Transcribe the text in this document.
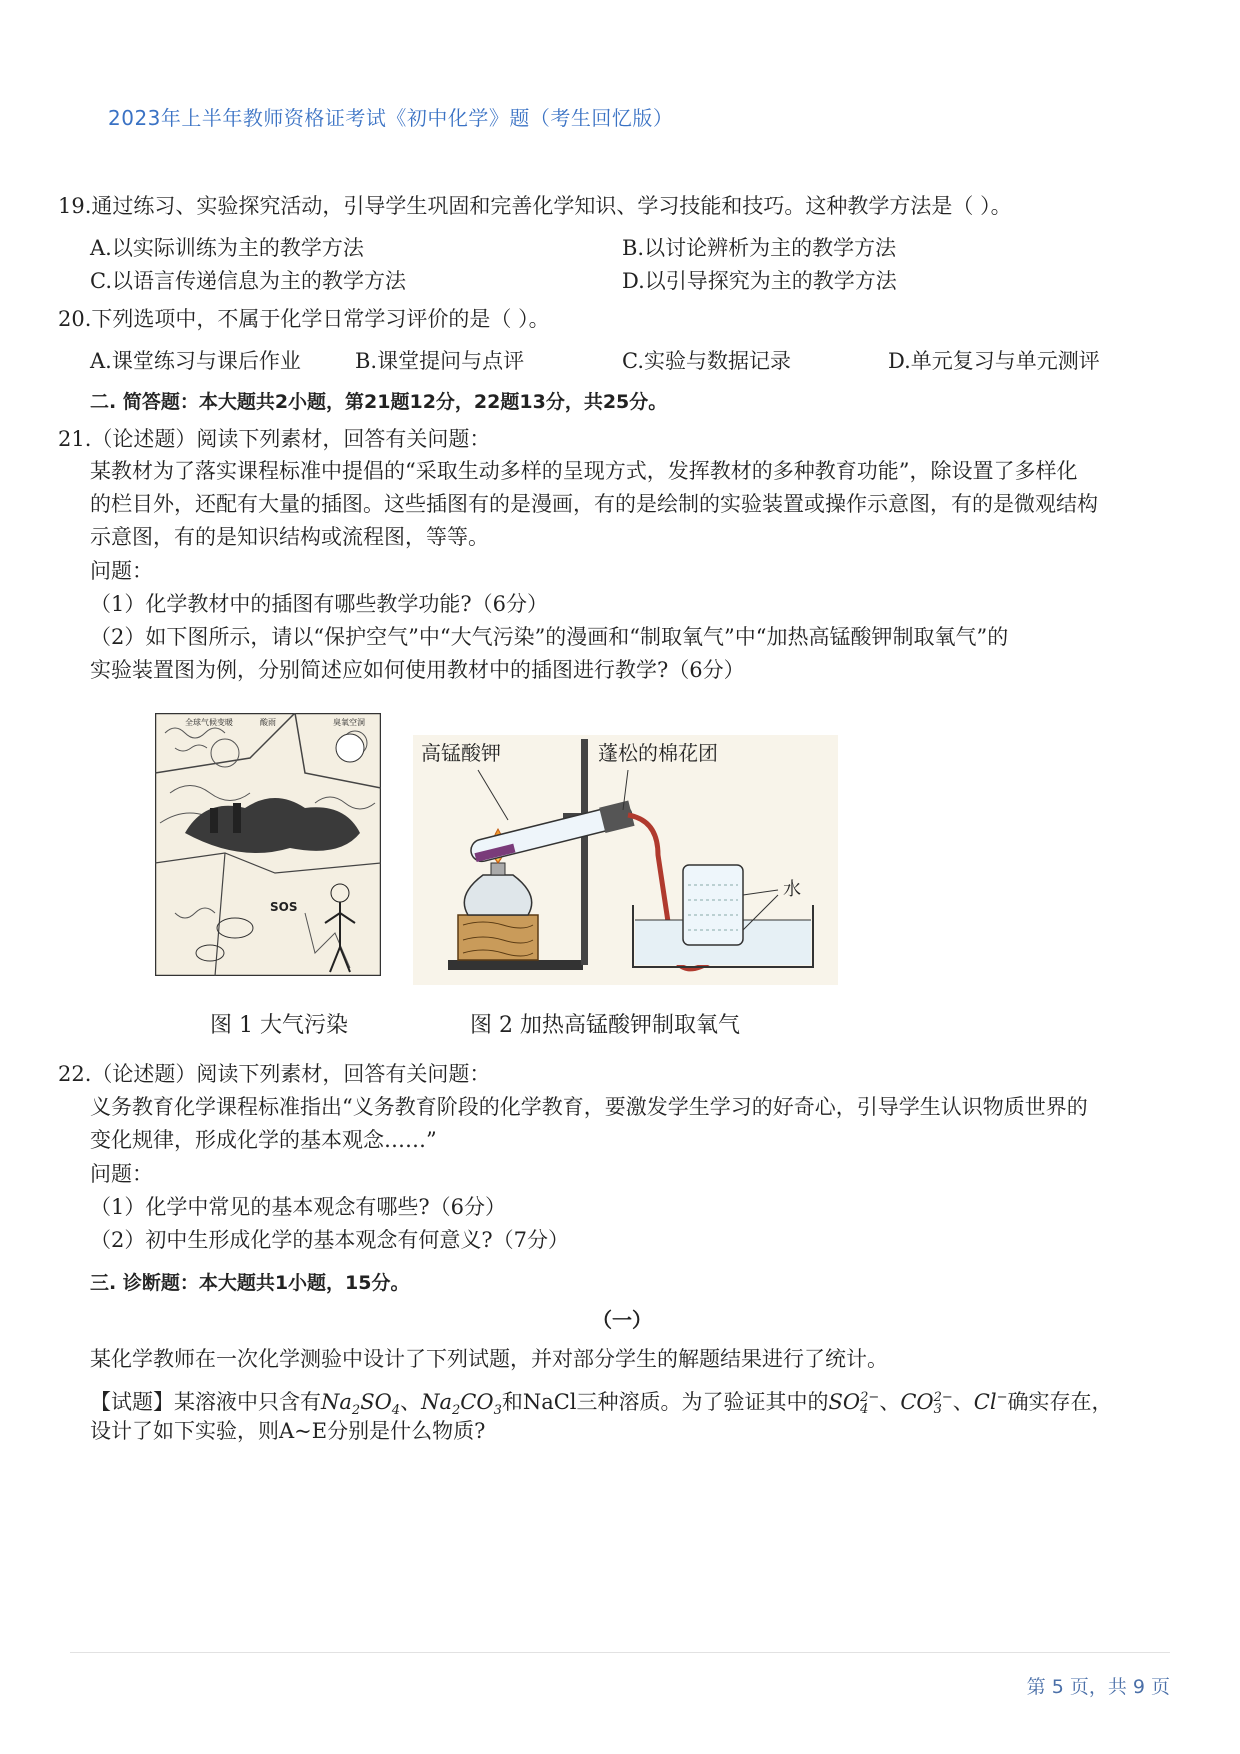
2023年上半年教师资格证考试《初中化学》题（考生回忆版）
19.通过练习、实验探究活动，引导学生巩固和完善化学知识、学习技能和技巧。这种教学方法是（ ）。
A.以实际训练为主的教学方法	B.以讨论辨析为主的教学方法
C.以语言传递信息为主的教学方法	D.以引导探究为主的教学方法
20.下列选项中，不属于化学日常学习评价的是（ ）。
A.课堂练习与课后作业	B.课堂提问与点评	C.实验与数据记录	D.单元复习与单元测评
二. 简答题：本大题共2小题，第21题12分，22题13分，共25分。
21.（论述题）阅读下列素材，回答有关问题：
某教材为了落实课程标准中提倡的“采取生动多样的呈现方式，发挥教材的多种教育功能”，除设置了多样化
的栏目外，还配有大量的插图。这些插图有的是漫画，有的是绘制的实验装置或操作示意图，有的是微观结构
示意图，有的是知识结构或流程图，等等。
问题：
（1）化学教材中的插图有哪些教学功能?（6分）
（2）如下图所示，请以“保护空气”中“大气污染”的漫画和“制取氧气”中“加热高锰酸钾制取氧气”的
实验装置图为例，分别简述应如何使用教材中的插图进行教学?（6分）
全球气候变暖	酸雨	臭氧空洞
SOS
高锰酸钾	蓬松的棉花团
水
图 1 大气污染	图 2 加热高锰酸钾制取氧气
22.（论述题）阅读下列素材，回答有关问题：
义务教育化学课程标准指出“义务教育阶段的化学教育，要激发学生学习的好奇心，引导学生认识物质世界的
变化规律，形成化学的基本观念……”
问题：
（1）化学中常见的基本观念有哪些?（6分）
（2）初中生形成化学的基本观念有何意义?（7分）
三. 诊断题：本大题共1小题，15分。
（一）
某化学教师在一次化学测验中设计了下列试题，并对部分学生的解题结果进行了统计。
【试题】某溶液中只含有$Na_2SO_4$、$Na_2CO_3$和NaCl三种溶质。为了验证其中的SO 2−
4 、CO 2−
3 、Cl−确实存在，
设计了如下实验，则A~E分别是什么物质?
第 5 页，共 9 页
